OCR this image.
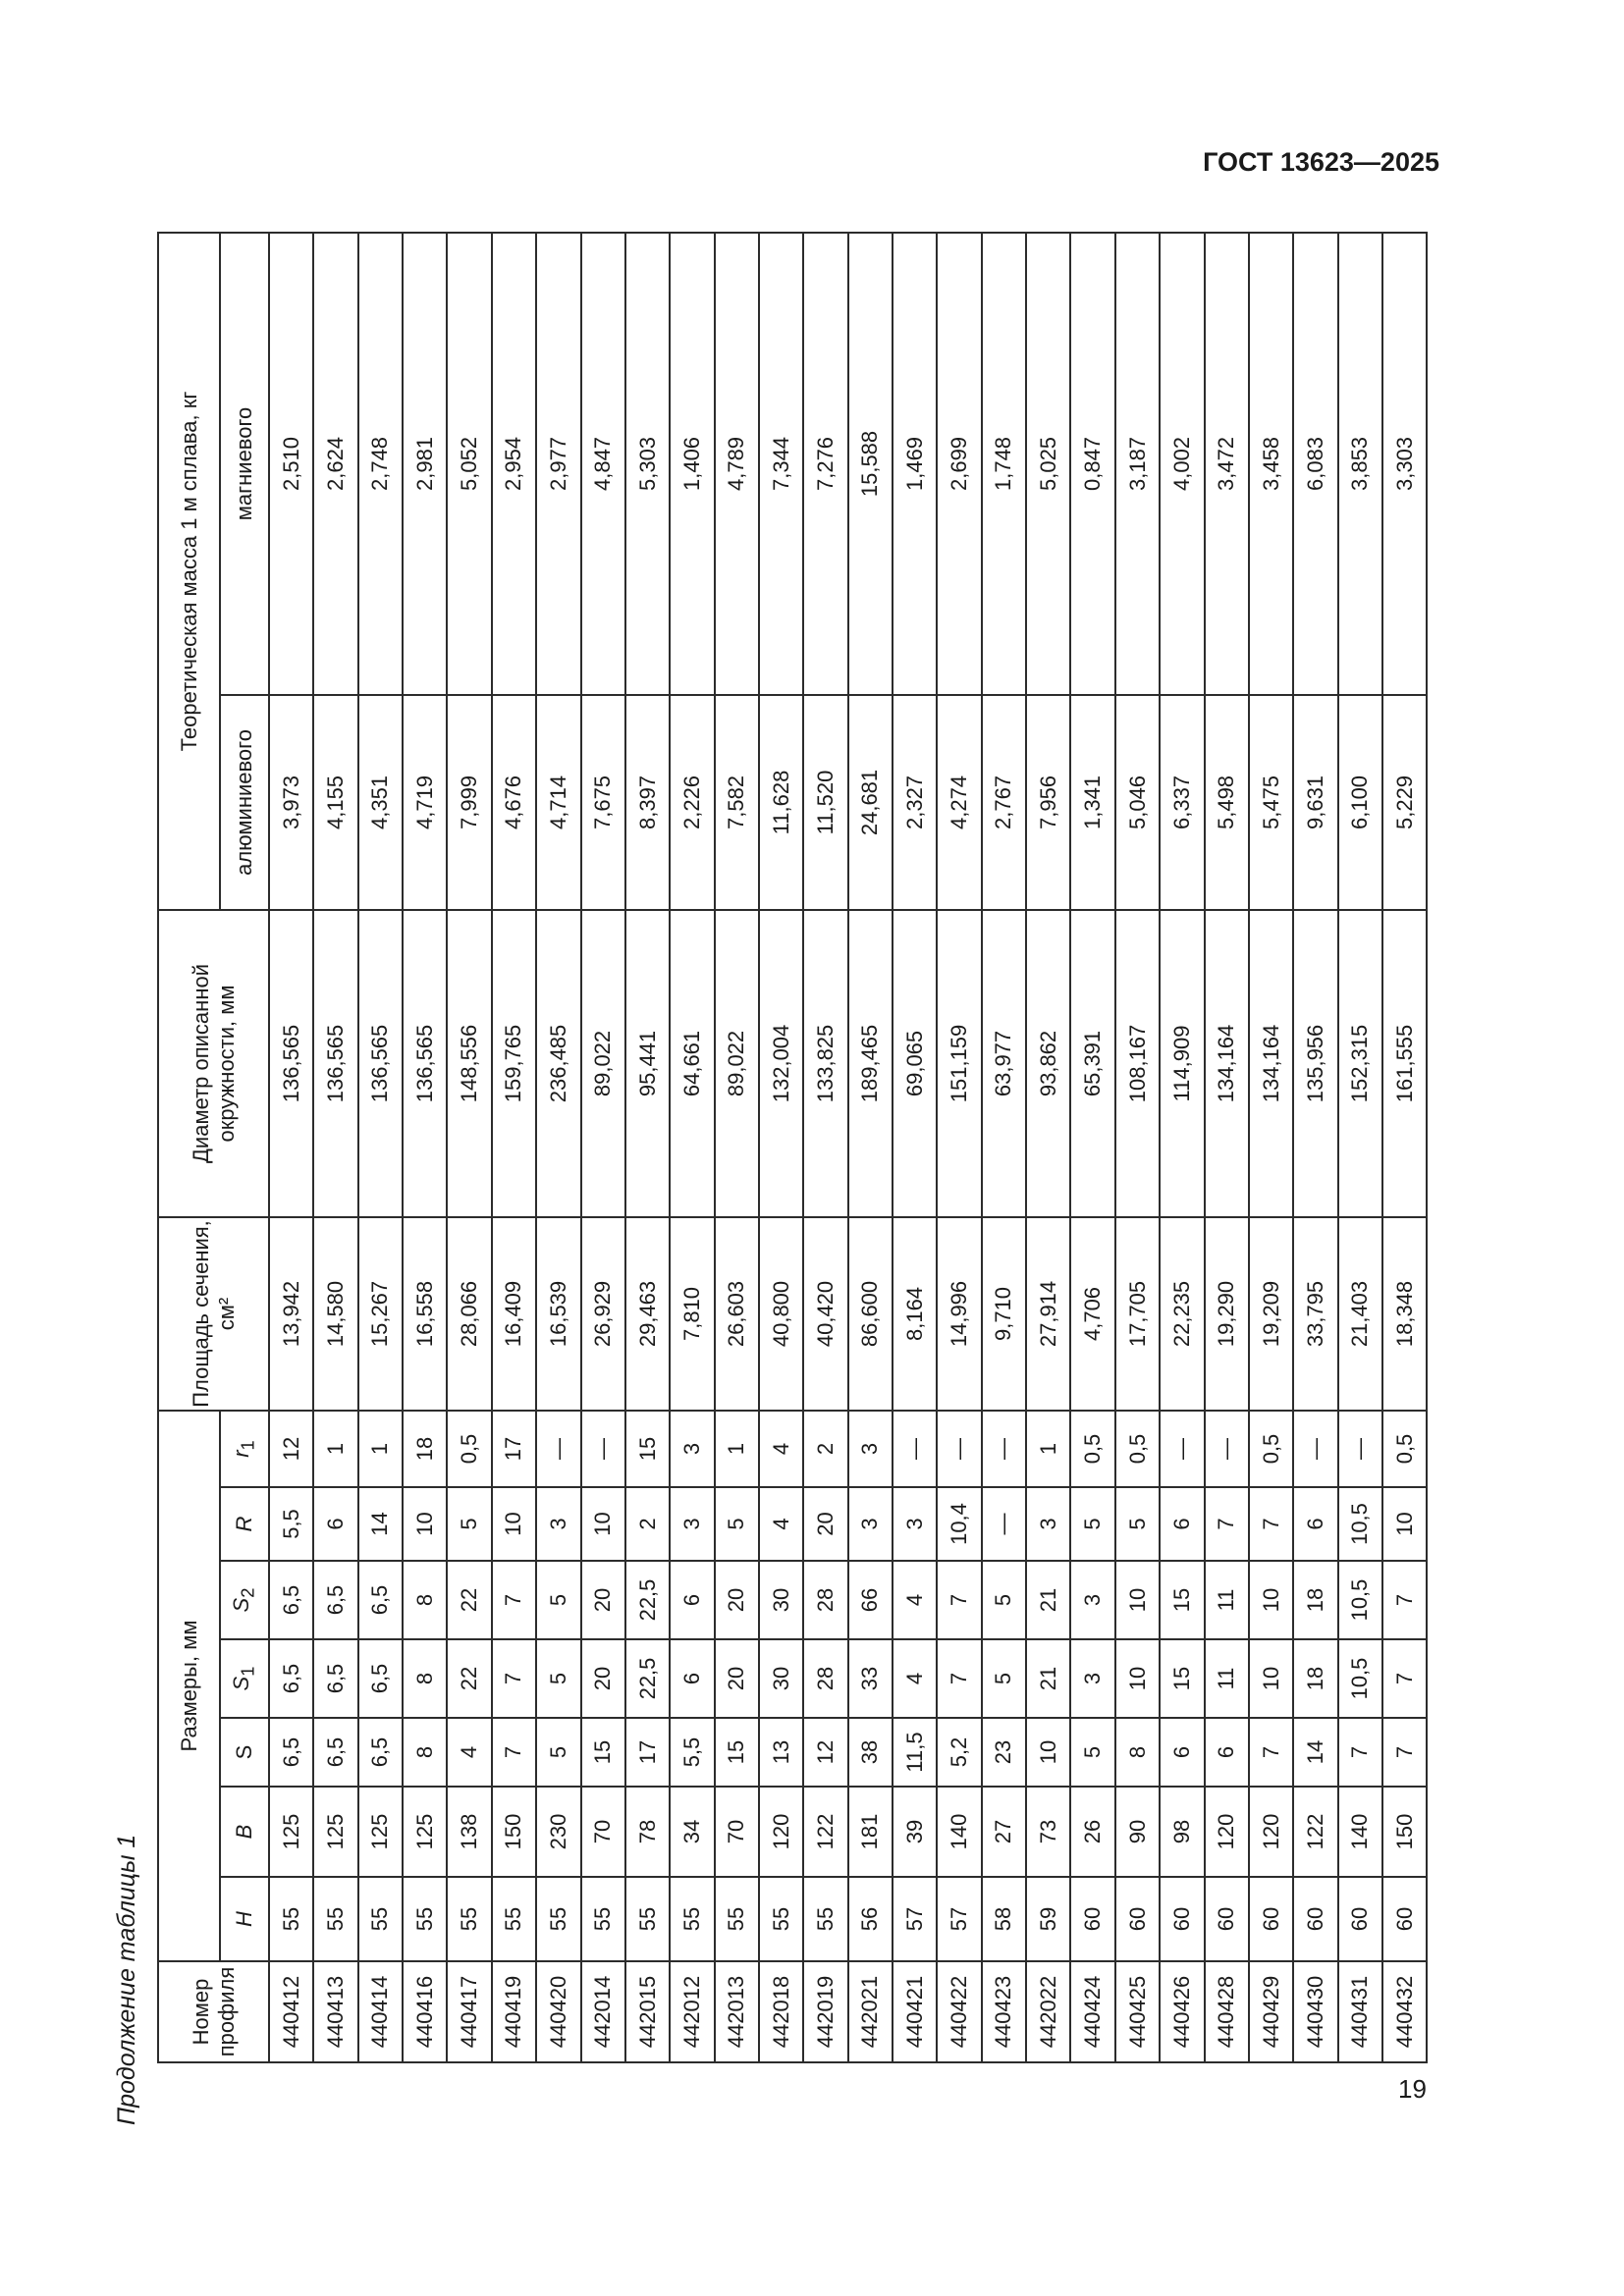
ГОСТ 13623—2025
Продолжение таблицы 1 Номер профиля	Размеры, мм							Площадь сечения, см²	Диаметр описанной окружности, мм	Теоретическая масса 1 м сплава, кг	
	H	B	S	$S_1$	$S_2$	R	$r_1$			алюминиевого	магниевого
440412	55	125	6,5	6,5	6,5	5,5	12	13,942	136,565	3,973	2,510
440413	55	125	6,5	6,5	6,5	6	1	14,580	136,565	4,155	2,624
440414	55	125	6,5	6,5	6,5	14	1	15,267	136,565	4,351	2,748
440416	55	125	8	8	8	10	18	16,558	136,565	4,719	2,981
440417	55	138	4	22	22	5	0,5	28,066	148,556	7,999	5,052
440419	55	150	7	7	7	10	17	16,409	159,765	4,676	2,954
440420	55	230	5	5	5	3	—	16,539	236,485	4,714	2,977
442014	55	70	15	20	20	10	—	26,929	89,022	7,675	4,847
442015	55	78	17	22,5	22,5	2	15	29,463	95,441	8,397	5,303
442012	55	34	5,5	6	6	3	3	7,810	64,661	2,226	1,406
442013	55	70	15	20	20	5	1	26,603	89,022	7,582	4,789
442018	55	120	13	30	30	4	4	40,800	132,004	11,628	7,344
442019	55	122	12	28	28	20	2	40,420	133,825	11,520	7,276
442021	56	181	38	33	66	3	3	86,600	189,465	24,681	15,588
440421	57	39	11,5	4	4	3	—	8,164	69,065	2,327	1,469
440422	57	140	5,2	7	7	10,4	—	14,996	151,159	4,274	2,699
440423	58	27	23	5	5	—	—	9,710	63,977	2,767	1,748
442022	59	73	10	21	21	3	1	27,914	93,862	7,956	5,025
440424	60	26	5	3	3	5	0,5	4,706	65,391	1,341	0,847
440425	60	90	8	10	10	5	0,5	17,705	108,167	5,046	3,187
440426	60	98	6	15	15	6	—	22,235	114,909	6,337	4,002
440428	60	120	6	11	11	7	—	19,290	134,164	5,498	3,472
440429	60	120	7	10	10	7	0,5	19,209	134,164	5,475	3,458
440430	60	122	14	18	18	6	—	33,795	135,956	9,631	6,083
440431	60	140	7	10,5	10,5	10,5	—	21,403	152,315	6,100	3,853
440432	60	150	7	7	7	10	0,5	18,348	161,555	5,229	3,303
19
